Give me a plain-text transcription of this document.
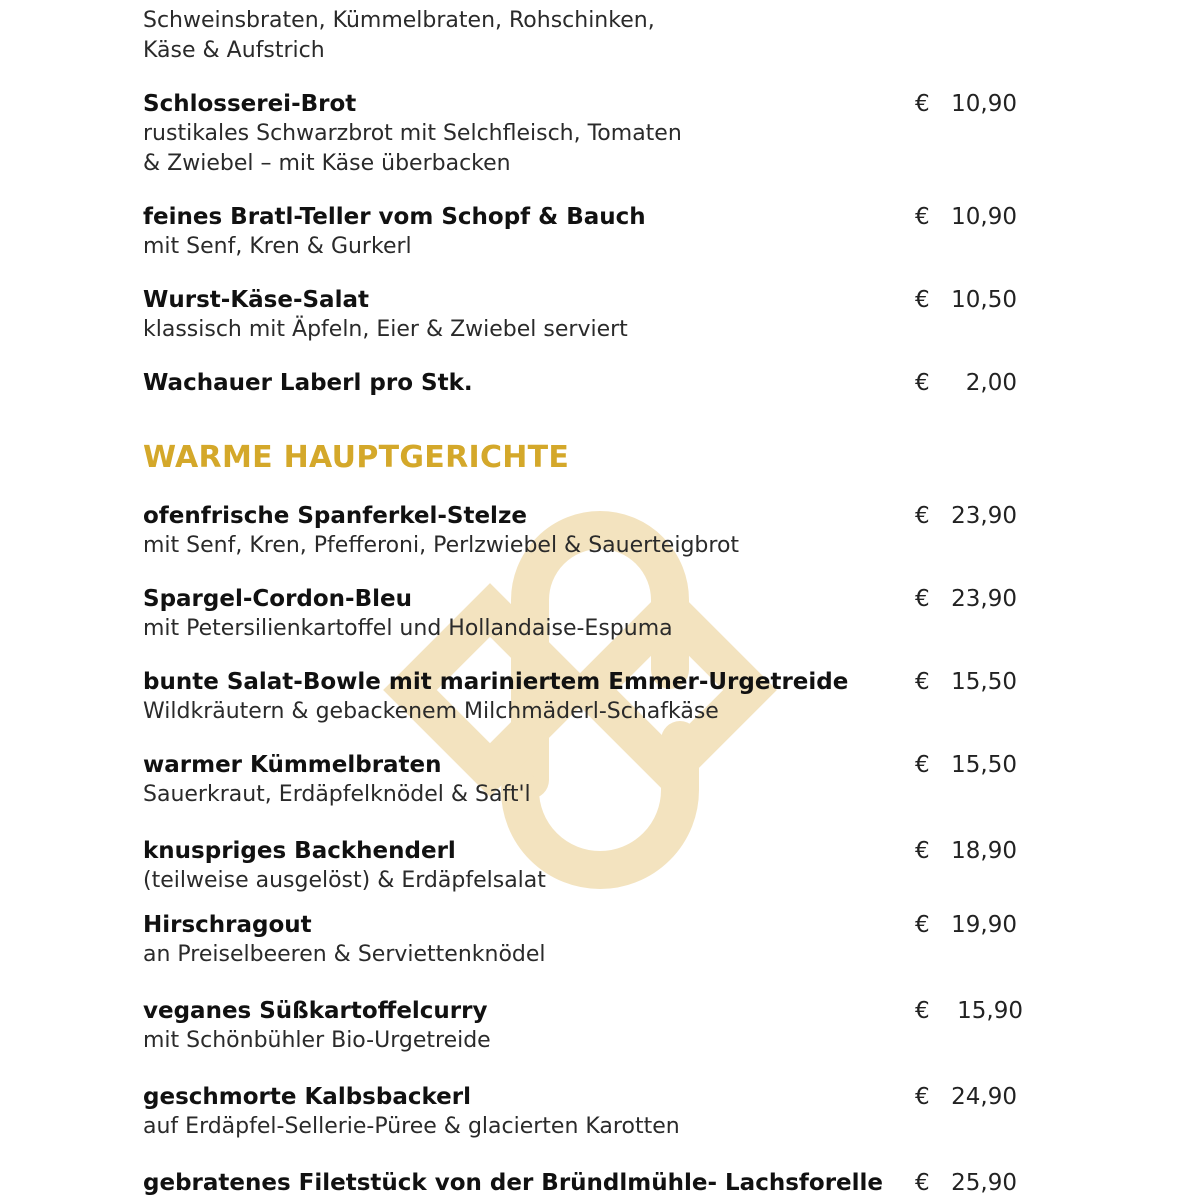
Schweinsbraten, Kümmelbraten, Rohschinken,
Käse & Aufstrich
Schlosserei-Brot
rustikales Schwarzbrot mit Selchfleisch, Tomaten
& Zwiebel – mit Käse überbacken
€ 10,90
feines Bratl-Teller vom Schopf & Bauch
mit Senf, Kren & Gurkerl
€ 10,90
Wurst-Käse-Salat
klassisch mit Äpfeln, Eier & Zwiebel serviert
€ 10,50
Wachauer Laberl pro Stk.	€ 2,00
WARME HAUPTGERICHTE
ofenfrische Spanferkel-Stelze
mit Senf, Kren, Pfefferoni, Perlzwiebel & Sauerteigbrot
€ 23,90
Spargel-Cordon-Bleu
mit Petersilienkartoffel und Hollandaise-Espuma
€ 23,90
bunte Salat-Bowle mit mariniertem Emmer-Urgetreide
Wildkräutern & gebackenem Milchmäderl-Schafkäse
€ 15,50
warmer Kümmelbraten
Sauerkraut, Erdäpfelknödel & Saft'l
€ 15,50
knuspriges Backhenderl
(teilweise ausgelöst) & Erdäpfelsalat
€ 18,90
Hirschragout
an Preiselbeeren & Serviettenknödel
€ 19,90
veganes Süßkartoffelcurry
mit Schönbühler Bio-Urgetreide
€ 15,90
geschmorte Kalbsbackerl
auf Erdäpfel-Sellerie-Püree & glacierten Karotten
€ 24,90
gebratenes Filetstück von der Bründlmühle- Lachsforelle	€ 25,90
